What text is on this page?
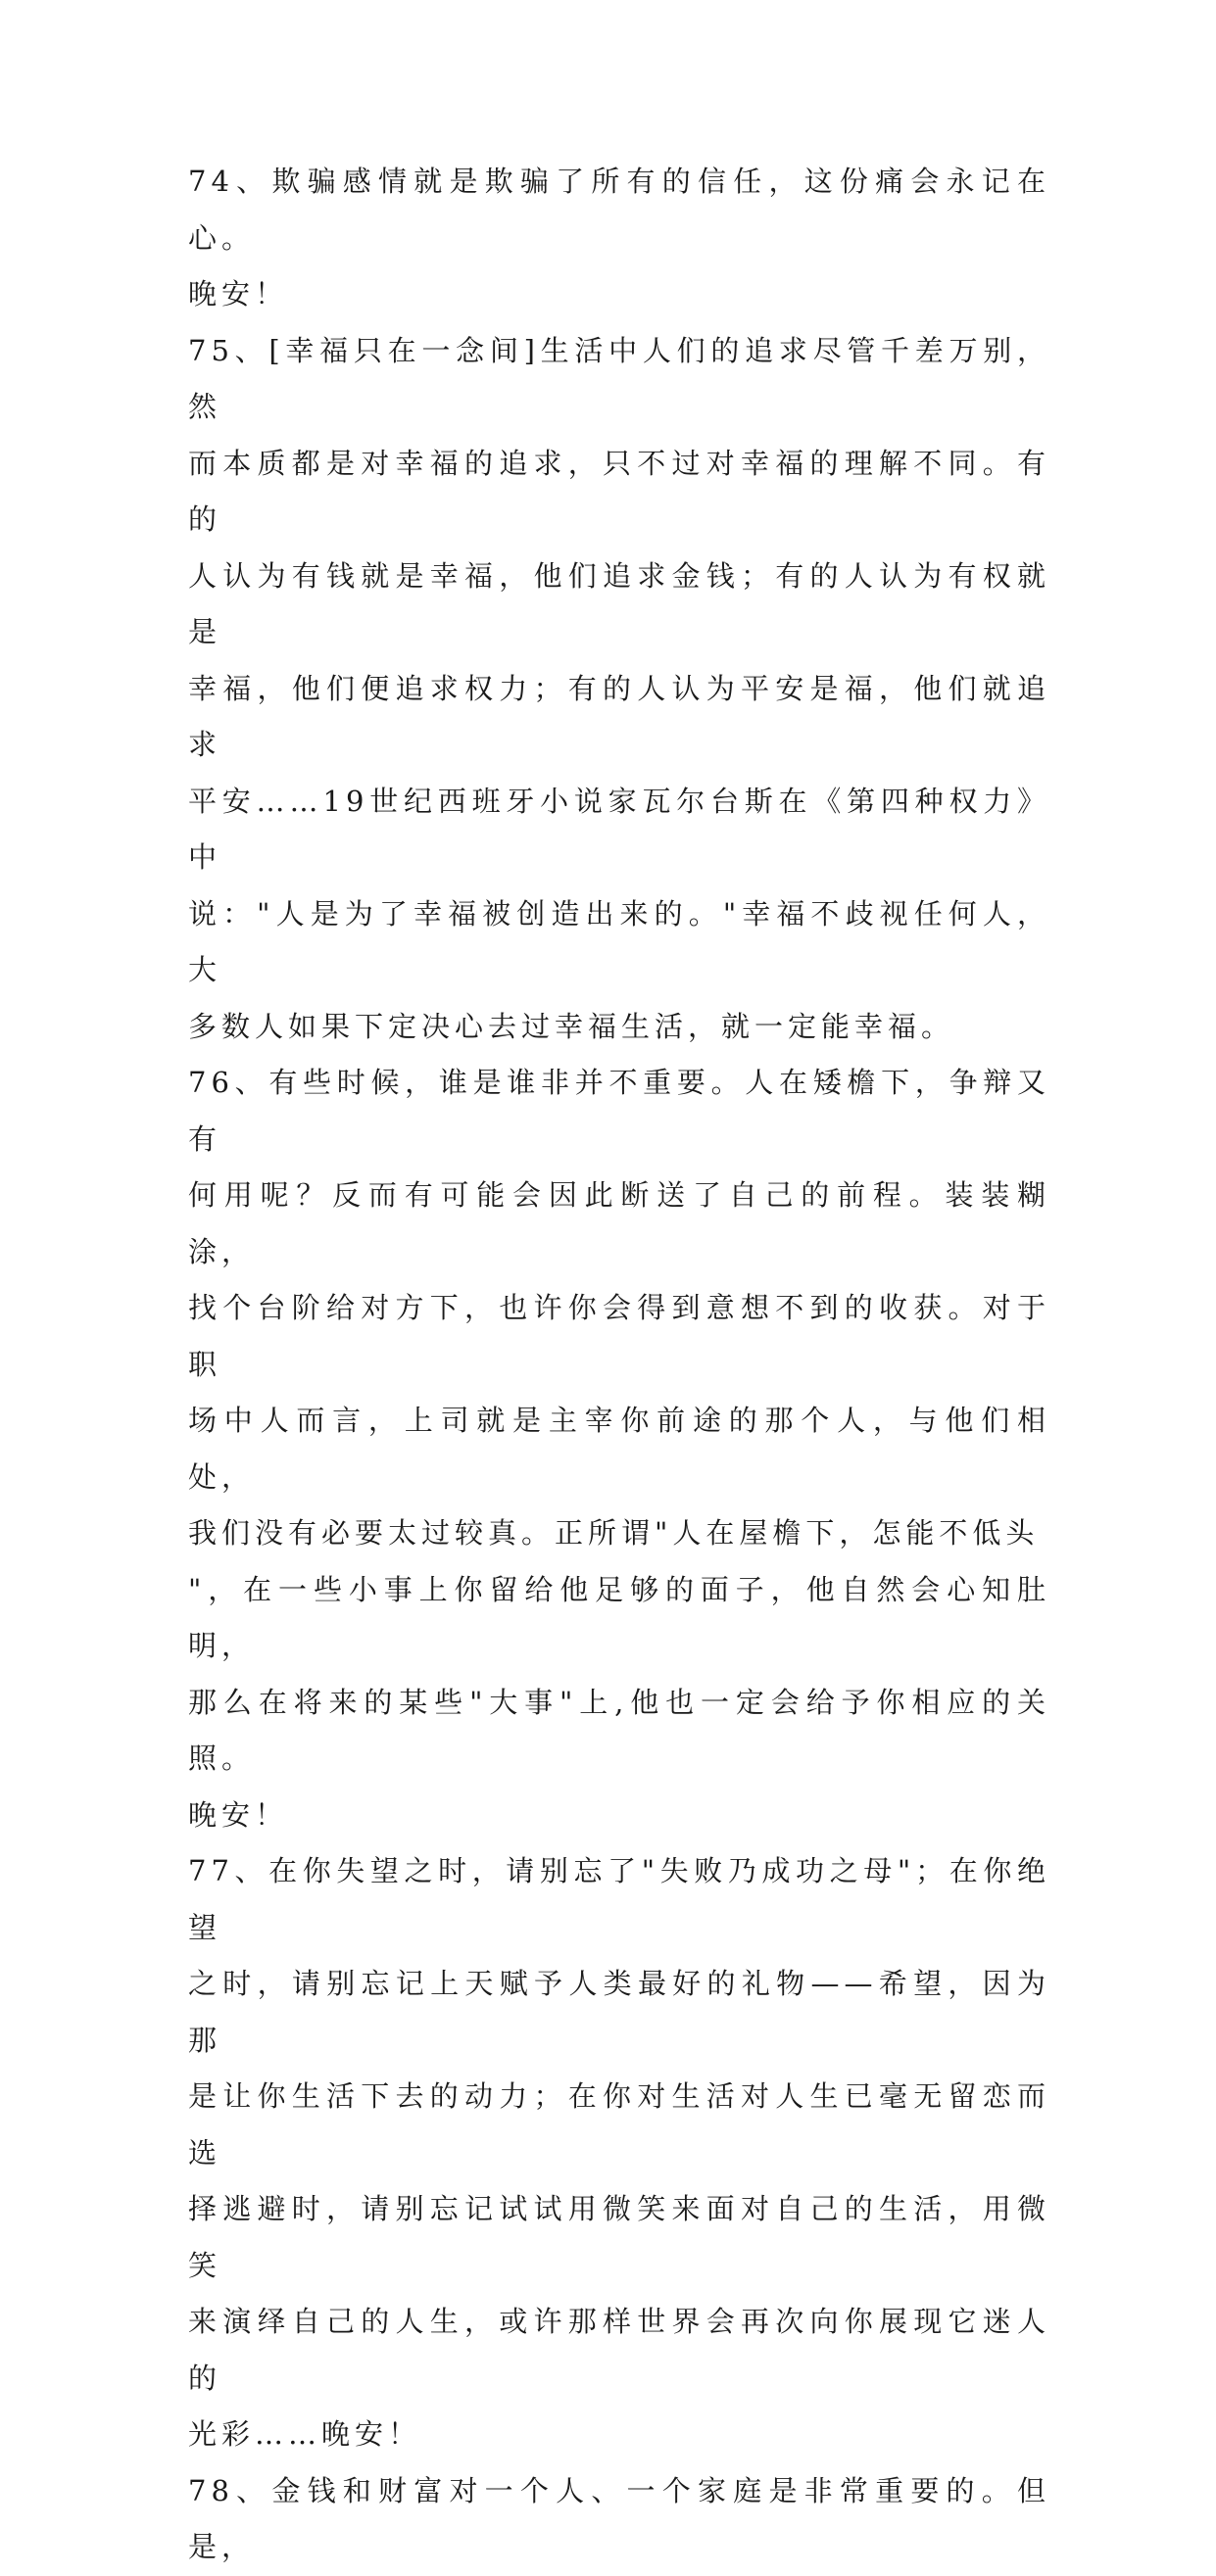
74、欺骗感情就是欺骗了所有的信任，这份痛会永记在心。
晚安！
75、[幸福只在一念间]生活中人们的追求尽管千差万别，然
而本质都是对幸福的追求，只不过对幸福的理解不同。有的
人认为有钱就是幸福，他们追求金钱；有的人认为有权就是
幸福，他们便追求权力；有的人认为平安是福，他们就追求
平安……19世纪西班牙小说家瓦尔台斯在《第四种权力》中
说："人是为了幸福被创造出来的。"幸福不歧视任何人，大
多数人如果下定决心去过幸福生活，就一定能幸福。
76、有些时候，谁是谁非并不重要。人在矮檐下，争辩又有
何用呢？反而有可能会因此断送了自己的前程。装装糊涂，
找个台阶给对方下，也许你会得到意想不到的收获。对于职
场中人而言，上司就是主宰你前途的那个人，与他们相处，
我们没有必要太过较真。正所谓"人在屋檐下，怎能不低头
"，在一些小事上你留给他足够的面子，他自然会心知肚明，
那么在将来的某些"大事"上,他也一定会给予你相应的关照。
晚安！
77、在你失望之时，请别忘了"失败乃成功之母"；在你绝望
之时，请别忘记上天赋予人类最好的礼物——希望，因为那
是让你生活下去的动力；在你对生活对人生已毫无留恋而选
择逃避时，请别忘记试试用微笑来面对自己的生活，用微笑
来演绎自己的人生，或许那样世界会再次向你展现它迷人的
光彩……晚安！
78、金钱和财富对一个人、一个家庭是非常重要的。但是，
